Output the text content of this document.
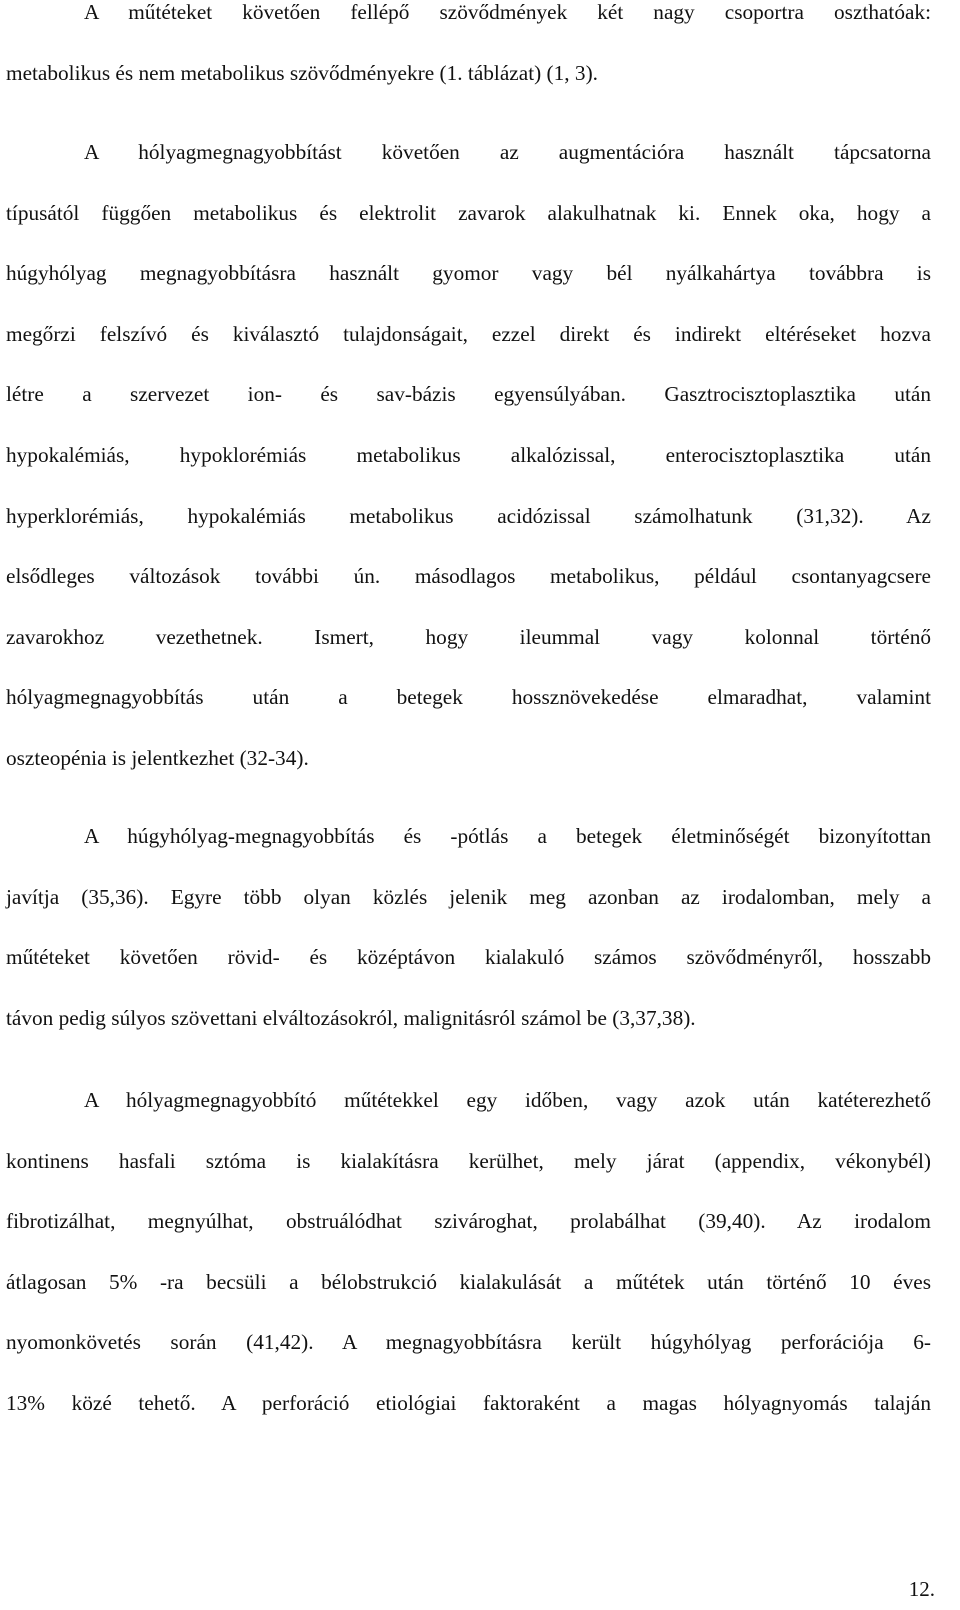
A műtéteket követően fellépő szövődmények két nagy csoportra oszthatóak:
metabolikus és nem metabolikus szövődményekre (1. táblázat) (1, 3).

A hólyagmegnagyobbítást követően az augmentációra használt tápcsatorna
típusától függően metabolikus és elektrolit zavarok alakulhatnak ki. Ennek oka, hogy a
húgyhólyag megnagyobbításra használt gyomor vagy bél nyálkahártya továbbra is
megőrzi felszívó és kiválasztó tulajdonságait, ezzel direkt és indirekt eltéréseket hozva
létre a szervezet ion- és sav-bázis egyensúlyában. Gasztrocisztoplasztika után
hypokalémiás, hypoklorémiás metabolikus alkalózissal, enterocisztoplasztika után
hyperklorémiás, hypokalémiás metabolikus acidózissal számolhatunk (31,32). Az
elsődleges változások további ún. másodlagos metabolikus, például csontanyagcsere
zavarokhoz vezethetnek. Ismert, hogy ileummal vagy kolonnal történő
hólyagmegnagyobbítás után a betegek hossznövekedése elmaradhat, valamint
oszteopénia is jelentkezhet (32-34).

A húgyhólyag-megnagyobbítás és -pótlás a betegek életminőségét bizonyítottan
javítja (35,36). Egyre több olyan közlés jelenik meg azonban az irodalomban, mely a
műtéteket követően rövid- és középtávon kialakuló számos szövődményről, hosszabb
távon pedig súlyos szövettani elváltozásokról, malignitásról számol be (3,37,38).

A hólyagmegnagyobbító műtétekkel egy időben, vagy azok után katéterezhető
kontinens hasfali sztóma is kialakításra kerülhet, mely járat (appendix, vékonybél)
fibrotizálhat, megnyúlhat, obstruálódhat szivároghat, prolabálhat (39,40). Az irodalom
átlagosan 5% -ra becsüli a bélobstrukció kialakulását a műtétek után történő 10 éves
nyomonkövetés során (41,42). A megnagyobbításra került húgyhólyag perforációja 6-
13% közé tehető. A perforáció etiológiai faktoraként a magas hólyagnyomás talaján

12.
